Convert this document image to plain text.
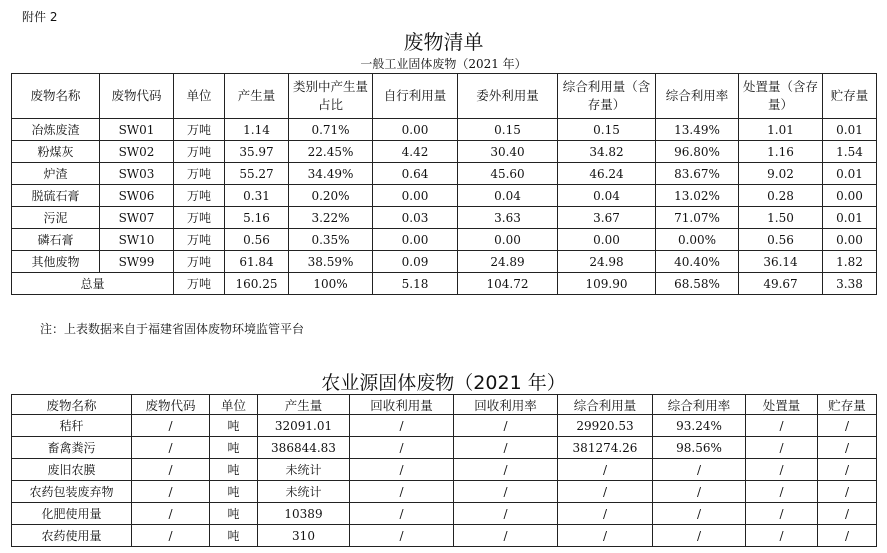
附件 2
废物清单
一般工业固体废物（2021 年）
废物名称	废物代码	单位	产生量	类别中产生量占比	自行利用量	委外利用量	综合利用量（含存量）	综合利用率	处置量（含存量）	贮存量
冶炼废渣	SW01	万吨	1.14	0.71%	0.00	0.15	0.15	13.49%	1.01	0.01
粉煤灰	SW02	万吨	35.97	22.45%	4.42	30.40	34.82	96.80%	1.16	1.54
炉渣	SW03	万吨	55.27	34.49%	0.64	45.60	46.24	83.67%	9.02	0.01
脱硫石膏	SW06	万吨	0.31	0.20%	0.00	0.04	0.04	13.02%	0.28	0.00
污泥	SW07	万吨	5.16	3.22%	0.03	3.63	3.67	71.07%	1.50	0.01
磷石膏	SW10	万吨	0.56	0.35%	0.00	0.00	0.00	0.00%	0.56	0.00
其他废物	SW99	万吨	61.84	38.59%	0.09	24.89	24.98	40.40%	36.14	1.82
总量		万吨	160.25	100%	5.18	104.72	109.90	68.58%	49.67	3.38
注：上表数据来自于福建省固体废物环境监管平台
农业源固体废物（2021 年）
废物名称	废物代码	单位	产生量	回收利用量	回收利用率	综合利用量	综合利用率	处置量	贮存量
秸秆	/	吨	32091.01	/	/	29920.53	93.24%	/	/
畜禽粪污	/	吨	386844.83	/	/	381274.26	98.56%	/	/
废旧农膜	/	吨	未统计	/	/	/	/	/	/
农药包装废弃物	/	吨	未统计	/	/	/	/	/	/
化肥使用量	/	吨	10389	/	/	/	/	/	/
农药使用量	/	吨	310	/	/	/	/	/	/
